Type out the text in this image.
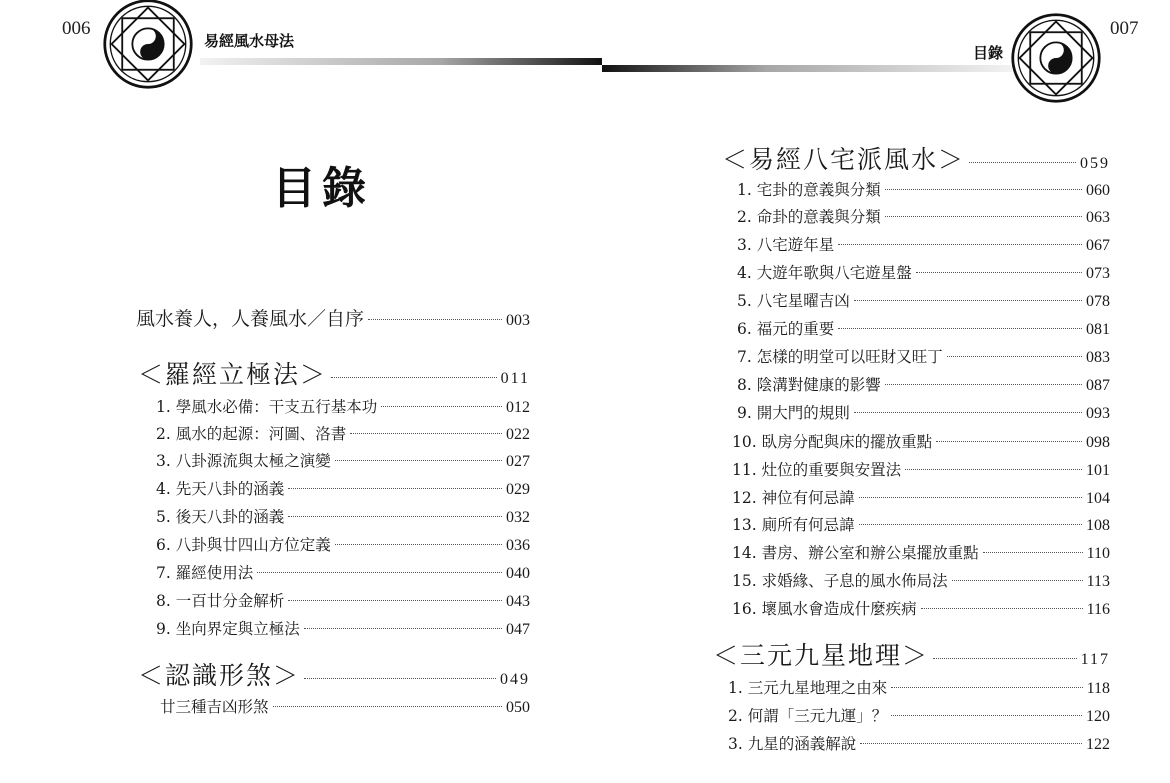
006
易經風水母法
目錄
007
目錄
風水養人，人養風水／自序	003
＜羅經立極法＞	011
1. 學風水必備：干支五行基本功	012
2. 風水的起源：河圖、洛書	022
3. 八卦源流與太極之演變	027
4. 先天八卦的涵義	029
5. 後天八卦的涵義	032
6. 八卦與廿四山方位定義	036
7. 羅經使用法	040
8. 一百廿分金解析	043
9. 坐向界定與立極法	047
＜認識形煞＞	049
廿三種吉凶形煞	050
＜易經八宅派風水＞	059
1. 宅卦的意義與分類	060
2. 命卦的意義與分類	063
3. 八宅遊年星	067
4. 大遊年歌與八宅遊星盤	073
5. 八宅星曜吉凶	078
6. 福元的重要	081
7. 怎樣的明堂可以旺財又旺丁	083
8. 陰溝對健康的影響	087
9. 開大門的規則	093
10. 臥房分配與床的擺放重點	098
11. 灶位的重要與安置法	101
12. 神位有何忌諱	104
13. 廁所有何忌諱	108
14. 書房、辦公室和辦公桌擺放重點	110
15. 求婚緣、子息的風水佈局法	113
16. 壞風水會造成什麼疾病	116
＜三元九星地理＞	117
1. 三元九星地理之由來	118
2. 何謂「三元九運」？	120
3. 九星的涵義解說	122
